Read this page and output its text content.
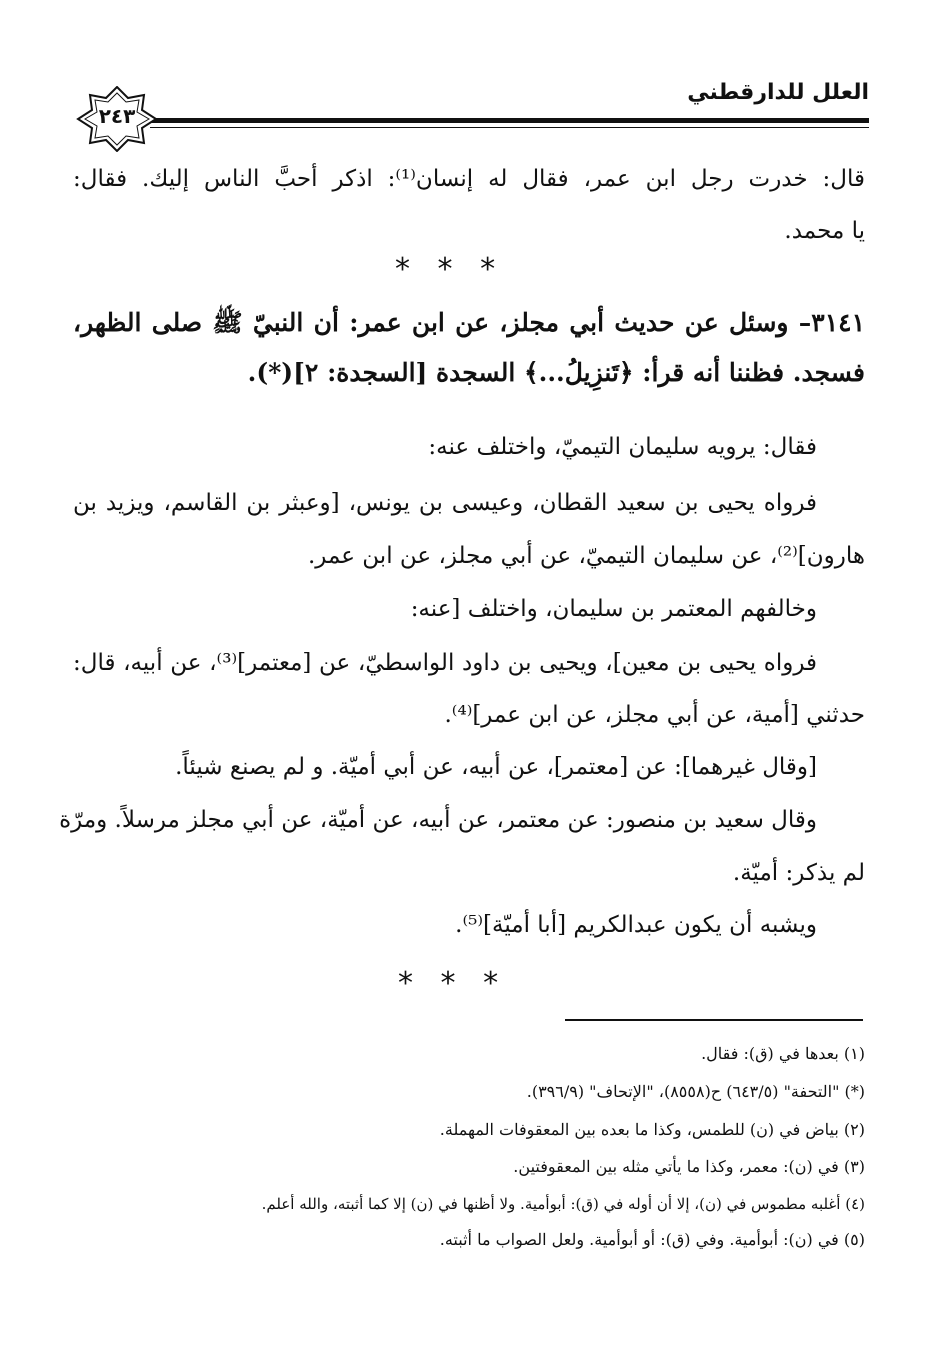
العلل للدارقطني
٢٤٣
قال: خدرت رجل ابن عمر، فقال له إنسان⁽¹⁾: اذكر أحبَّ الناس إليك. فقال:
يا محمد.
* * *
٣١٤١– وسئل عن حديث أبي مجلز، عن ابن عمر: أن النبيّ ﷺ صلى الظهر،
فسجد. فظننا أنه قرأ: ﴿تَنزِيلُ...﴾ السجدة [السجدة: ٢](*).
فقال: يرويه سليمان التيميّ، واختلف عنه:
فرواه يحيى بن سعيد القطان، وعيسى بن يونس، [وعبثر بن القاسم، ويزيد بن
هارون]⁽²⁾، عن سليمان التيميّ، عن أبي مجلز، عن ابن عمر.
وخالفهم المعتمر بن سليمان، واختلف [عنه:
فرواه يحيى بن معين]، ويحيى بن داود الواسطيّ، عن [معتمر]⁽³⁾، عن أبيه، قال:
حدثني [أمية، عن أبي مجلز، عن ابن عمر]⁽⁴⁾.
[وقال غيرهما]: عن [معتمر]، عن أبيه، عن أبي أميّة. و لم يصنع شيئاً.
وقال سعيد بن منصور: عن معتمر، عن أبيه، عن أميّة، عن أبي مجلز مرسلاً. ومرّة
لم يذكر: أميّة.
ويشبه أن يكون عبدالكريم [أبا أميّة]⁽⁵⁾.
* * *
(١) بعدها في (ق): فقال.
(*) "التحفة" (٦٤٣/٥) ح(٨٥٥٨)، "الإتحاف" (٣٩٦/٩).
(٢) بياض في (ن) للطمس، وكذا ما بعده بين المعقوفات المهملة.
(٣) في (ن): معمر، وكذا ما يأتي مثله بين المعقوفتين.
(٤) أغلبه مطموس في (ن)، إلا أن أوله في (ق): أبوأمية. ولا أظنها في (ن) إلا كما أثبته، والله أعلم.
(٥) في (ن): أبوأمية. وفي (ق): أو أبوأمية. ولعل الصواب ما أثبته.
